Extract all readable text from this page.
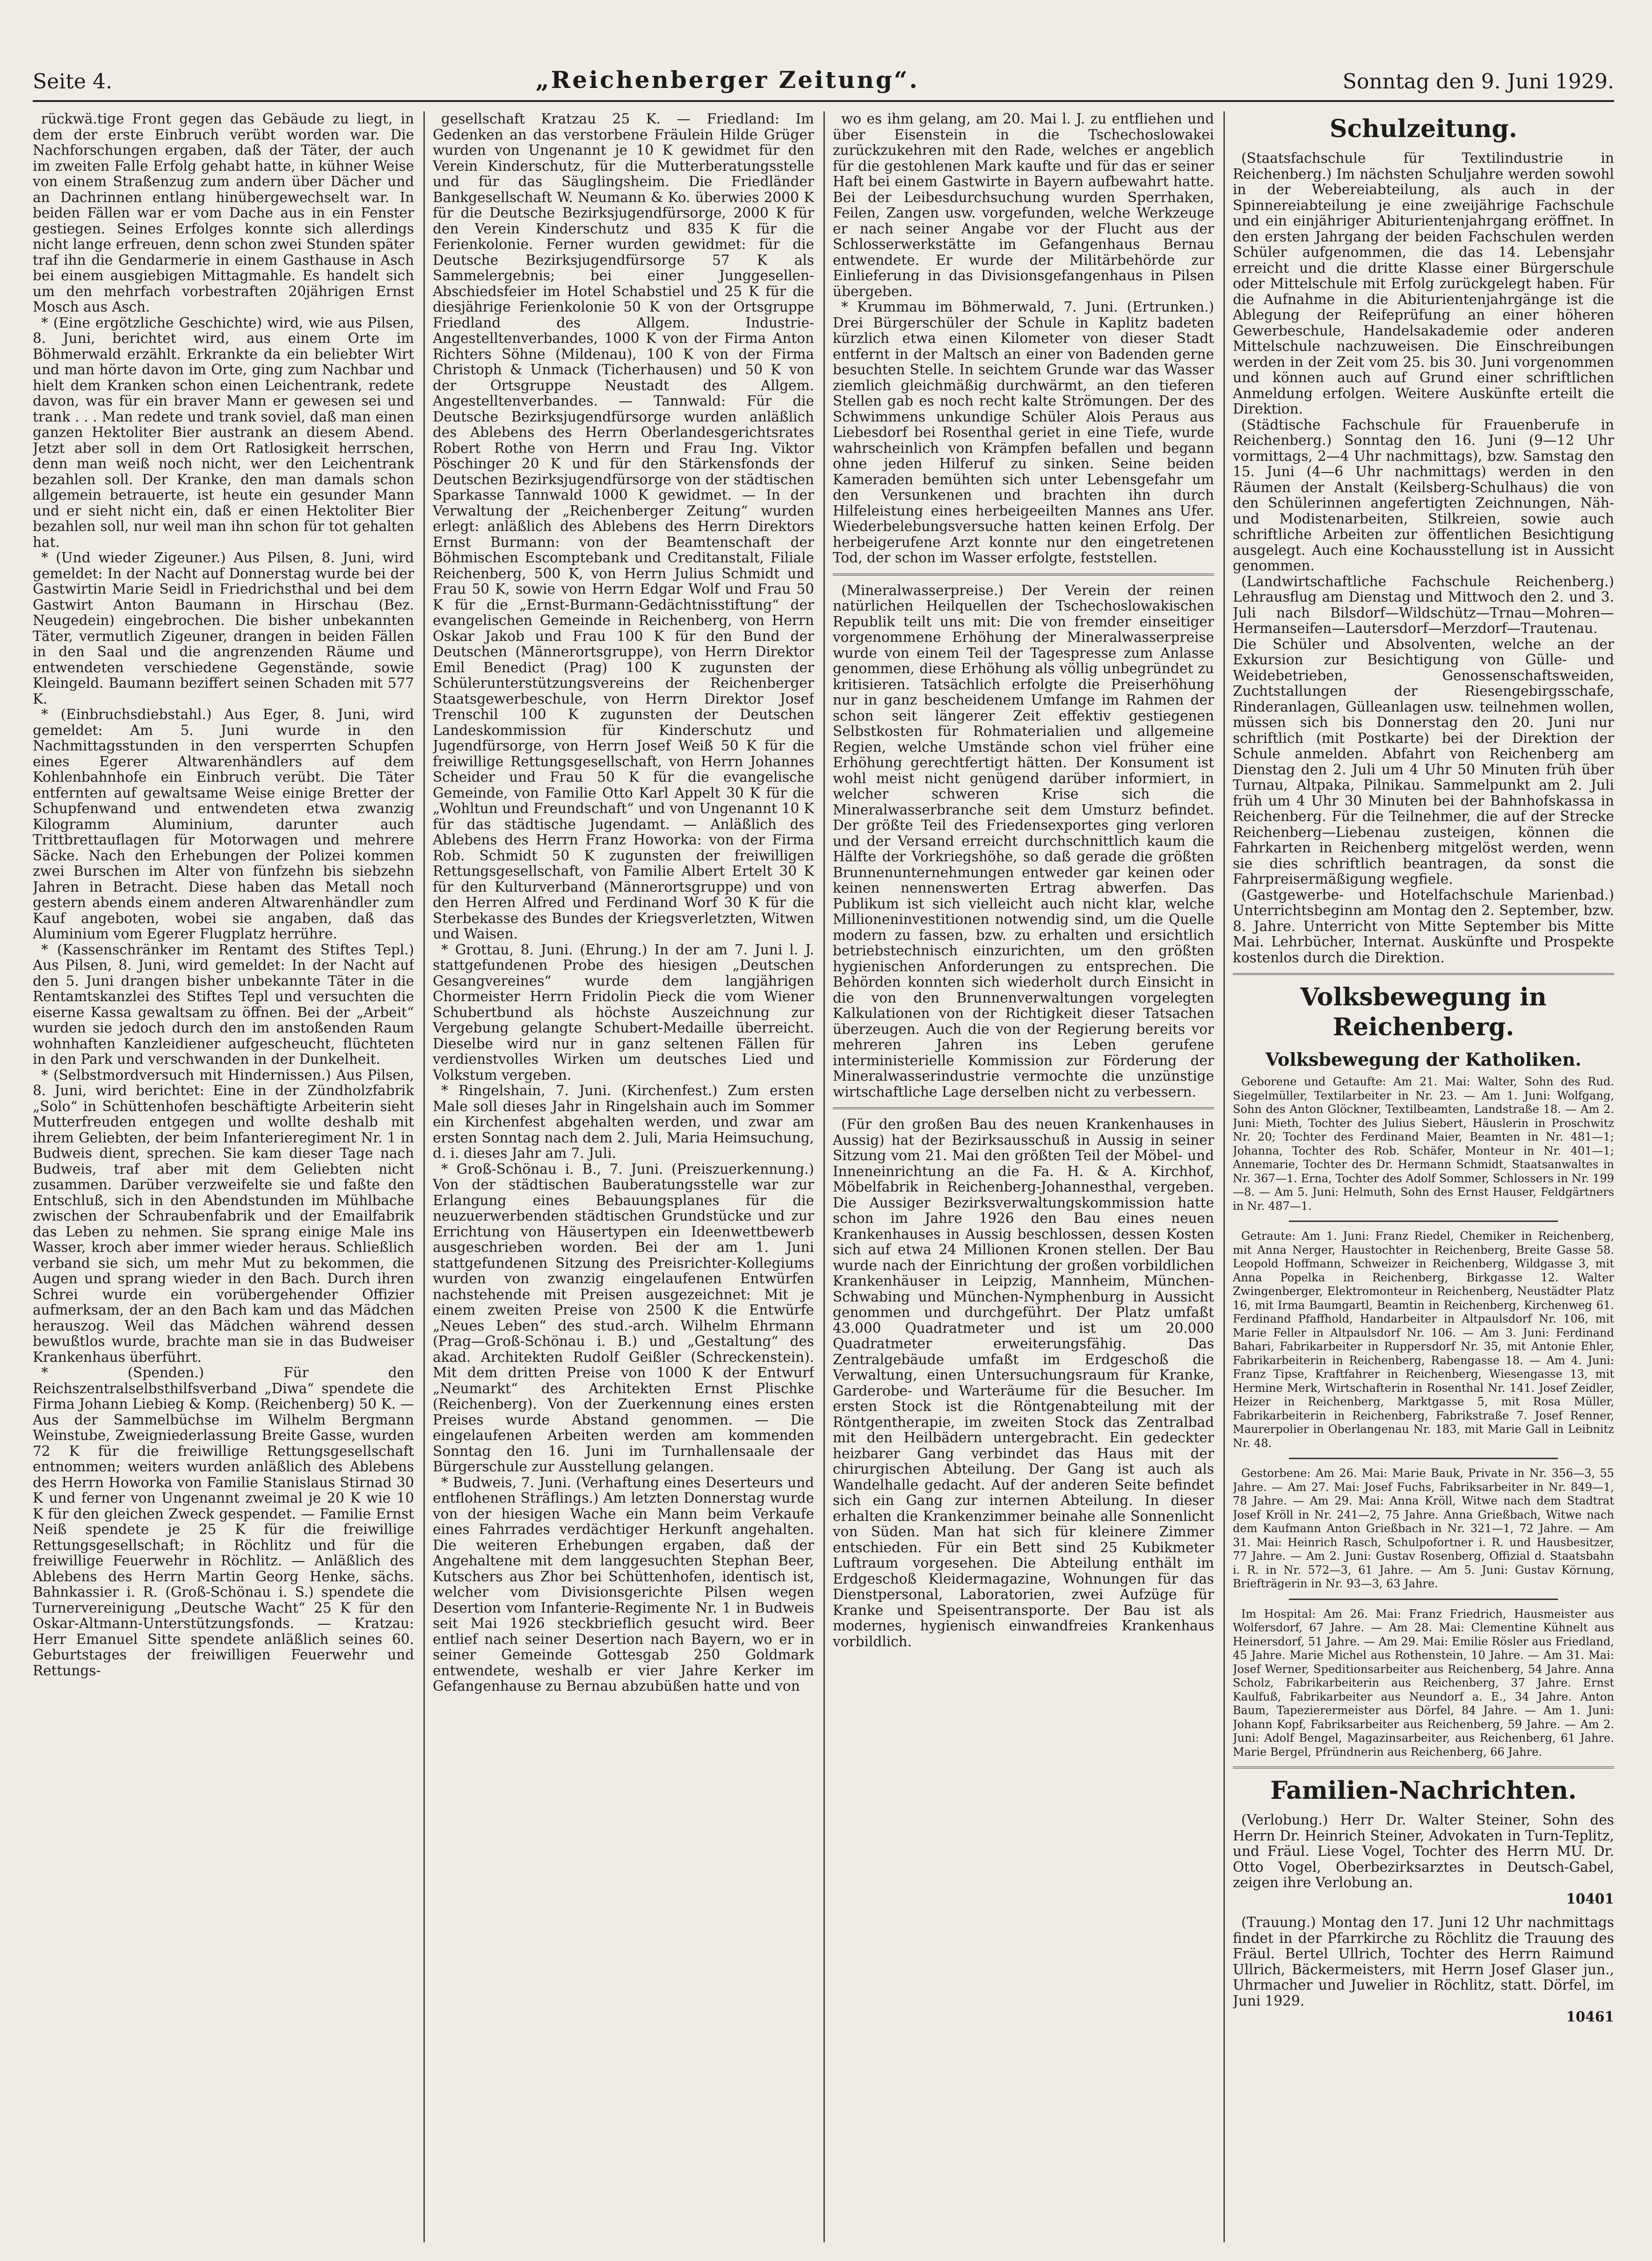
Seite 4.	„Reichenberger Zeitung“.	Sonntag den 9. Juni 1929.

rückwä.tige Front gegen das Gebäude zu liegt, in dem der erste Einbruch verübt worden war. Die Nachforschungen ergaben, daß der Täter, der auch im zweiten Falle Erfolg gehabt hatte, in kühner Weise von einem Straßenzug zum andern über Dächer und an Dachrinnen entlang hinübergewechselt war. In beiden Fällen war er vom Dache aus in ein Fenster gestiegen. Seines Erfolges konnte sich allerdings nicht lange erfreuen, denn schon zwei Stunden später traf ihn die Gendarmerie in einem Gasthause in Asch bei einem ausgiebigen Mittagmahle. Es handelt sich um den mehrfach vorbestraften 20jährigen Ernst Mosch aus Asch.

* (Eine ergötzliche Geschichte) wird, wie aus Pilsen, 8. Juni, berichtet wird, aus einem Orte im Böhmerwald erzählt. Erkrankte da ein beliebter Wirt und man hörte davon im Orte, ging zum Nachbar und hielt dem Kranken schon einen Leichentrank, redete davon, was für ein braver Mann er gewesen sei und trank . . . Man redete und trank soviel, daß man einen ganzen Hektoliter Bier austrank an diesem Abend. Jetzt aber soll in dem Ort Ratlosigkeit herrschen, denn man weiß noch nicht, wer den Leichentrank bezahlen soll. Der Kranke, den man damals schon allgemein betrauerte, ist heute ein gesunder Mann und er sieht nicht ein, daß er einen Hektoliter Bier bezahlen soll, nur weil man ihn schon für tot gehalten hat.

* (Und wieder Zigeuner.) Aus Pilsen, 8. Juni, wird gemeldet: In der Nacht auf Donnerstag wurde bei der Gastwirtin Marie Seidl in Friedrichsthal und bei dem Gastwirt Anton Baumann in Hirschau (Bez. Neugedein) eingebrochen. Die bisher unbekannten Täter, vermutlich Zigeuner, drangen in beiden Fällen in den Saal und die angrenzenden Räume und entwendeten verschiedene Gegenstände, sowie Kleingeld. Baumann beziffert seinen Schaden mit 577 K.

* (Einbruchsdiebstahl.) Aus Eger, 8. Juni, wird gemeldet: Am 5. Juni wurde in den Nachmittagsstunden in den versperrten Schupfen eines Egerer Altwarenhändlers auf dem Kohlenbahnhofe ein Einbruch verübt. Die Täter entfernten auf gewaltsame Weise einige Bretter der Schupfenwand und entwendeten etwa zwanzig Kilogramm Aluminium, darunter auch Trittbrettauflagen für Motorwagen und mehrere Säcke. Nach den Erhebungen der Polizei kommen zwei Burschen im Alter von fünfzehn bis siebzehn Jahren in Betracht. Diese haben das Metall noch gestern abends einem anderen Altwarenhändler zum Kauf angeboten, wobei sie angaben, daß das Aluminium vom Egerer Flugplatz herrühre.

* (Kassenschränker im Rentamt des Stiftes Tepl.) Aus Pilsen, 8. Juni, wird gemeldet: In der Nacht auf den 5. Juni drangen bisher unbekannte Täter in die Rentamtskanzlei des Stiftes Tepl und versuchten die eiserne Kassa gewaltsam zu öffnen. Bei der „Arbeit“ wurden sie jedoch durch den im anstoßenden Raum wohnhaften Kanzleidiener aufgescheucht, flüchteten in den Park und verschwanden in der Dunkelheit.

* (Selbstmordversuch mit Hindernissen.) Aus Pilsen, 8. Juni, wird berichtet: Eine in der Zündholzfabrik „Solo“ in Schüttenhofen beschäftigte Arbeiterin sieht Mutterfreuden entgegen und wollte deshalb mit ihrem Geliebten, der beim Infanterieregiment Nr. 1 in Budweis dient, sprechen. Sie kam dieser Tage nach Budweis, traf aber mit dem Geliebten nicht zusammen. Darüber verzweifelte sie und faßte den Entschluß, sich in den Abendstunden im Mühlbache zwischen der Schraubenfabrik und der Emailfabrik das Leben zu nehmen. Sie sprang einige Male ins Wasser, kroch aber immer wieder heraus. Schließlich verband sie sich, um mehr Mut zu bekommen, die Augen und sprang wieder in den Bach. Durch ihren Schrei wurde ein vorübergehender Offizier aufmerksam, der an den Bach kam und das Mädchen herauszog. Weil das Mädchen während dessen bewußtlos wurde, brachte man sie in das Budweiser Krankenhaus überführt.

* (Spenden.) Für den Reichszentralselbsthilfsverband „Diwa“ spendete die Firma Johann Liebieg & Komp. (Reichenberg) 50 K. — Aus der Sammelbüchse im Wilhelm Bergmann Weinstube, Zweigniederlassung Breite Gasse, wurden 72 K für die freiwillige Rettungsgesellschaft entnommen; weiters wurden anläßlich des Ablebens des Herrn Howorka von Familie Stanislaus Stirnad 30 K und ferner von Ungenannt zweimal je 20 K wie 10 K für den gleichen Zweck gespendet. — Familie Ernst Neiß spendete je 25 K für die freiwillige Rettungsgesellschaft; in Röchlitz und für die freiwillige Feuerwehr in Röchlitz. — Anläßlich des Ablebens des Herrn Martin Georg Henke, sächs. Bahnkassier i. R. (Groß-Schönau i. S.) spendete die Turnervereinigung „Deutsche Wacht“ 25 K für den Oskar-Altmann-Unterstützungsfonds. — Kratzau: Herr Emanuel Sitte spendete anläßlich seines 60. Geburtstages der freiwilligen Feuerwehr und Rettungs-

gesellschaft Kratzau 25 K. — Friedland: Im Gedenken an das verstorbene Fräulein Hilde Grüger wurden von Ungenannt je 10 K gewidmet für den Verein Kinderschutz, für die Mutterberatungsstelle und für das Säuglingsheim. Die Friedländer Bankgesellschaft W. Neumann & Ko. überwies 2000 K für die Deutsche Bezirksjugendfürsorge, 2000 K für den Verein Kinderschutz und 835 K für die Ferienkolonie. Ferner wurden gewidmet: für die Deutsche Bezirksjugendfürsorge 57 K als Sammelergebnis; bei einer Junggesellen-Abschiedsfeier im Hotel Schabstiel und 25 K für die diesjährige Ferienkolonie 50 K von der Ortsgruppe Friedland des Allgem. Industrie-Angestelltenverbandes, 1000 K von der Firma Anton Richters Söhne (Mildenau), 100 K von der Firma Christoph & Unmack (Ticherhausen) und 50 K von der Ortsgruppe Neustadt des Allgem. Angestelltenverbandes. — Tannwald: Für die Deutsche Bezirksjugendfürsorge wurden anläßlich des Ablebens des Herrn Oberlandesgerichtsrates Robert Rothe von Herrn und Frau Ing. Viktor Pöschinger 20 K und für den Stärkensfonds der Deutschen Bezirksjugendfürsorge von der städtischen Sparkasse Tannwald 1000 K gewidmet. — In der Verwaltung der „Reichenberger Zeitung“ wurden erlegt: anläßlich des Ablebens des Herrn Direktors Ernst Burmann: von der Beamtenschaft der Böhmischen Escomptebank und Creditanstalt, Filiale Reichenberg, 500 K, von Herrn Julius Schmidt und Frau 50 K, sowie von Herrn Edgar Wolf und Frau 50 K für die „Ernst-Burmann-Gedächtnisstiftung“ der evangelischen Gemeinde in Reichenberg, von Herrn Oskar Jakob und Frau 100 K für den Bund der Deutschen (Männerortsgruppe), von Herrn Direktor Emil Benedict (Prag) 100 K zugunsten der Schülerunterstützungsvereins der Reichenberger Staatsgewerbeschule, von Herrn Direktor Josef Trenschil 100 K zugunsten der Deutschen Landeskommission für Kinderschutz und Jugendfürsorge, von Herrn Josef Weiß 50 K für die freiwillige Rettungsgesellschaft, von Herrn Johannes Scheider und Frau 50 K für die evangelische Gemeinde, von Familie Otto Karl Appelt 30 K für die „Wohltun und Freundschaft“ und von Ungenannt 10 K für das städtische Jugendamt. — Anläßlich des Ablebens des Herrn Franz Howorka: von der Firma Rob. Schmidt 50 K zugunsten der freiwilligen Rettungsgesellschaft, von Familie Albert Ertelt 30 K für den Kulturverband (Männerortsgruppe) und von den Herren Alfred und Ferdinand Worf 30 K für die Sterbekasse des Bundes der Kriegsverletzten, Witwen und Waisen.

* Grottau, 8. Juni. (Ehrung.) In der am 7. Juni l. J. stattgefundenen Probe des hiesigen „Deutschen Gesangvereines“ wurde dem langjährigen Chormeister Herrn Fridolin Pieck die vom Wiener Schubertbund als höchste Auszeichnung zur Vergebung gelangte Schubert-Medaille überreicht. Dieselbe wird nur in ganz seltenen Fällen für verdienstvolles Wirken um deutsches Lied und Volkstum vergeben.

* Ringelshain, 7. Juni. (Kirchenfest.) Zum ersten Male soll dieses Jahr in Ringelshain auch im Sommer ein Kirchenfest abgehalten werden, und zwar am ersten Sonntag nach dem 2. Juli, Maria Heimsuchung, d. i. dieses Jahr am 7. Juli.

* Groß-Schönau i. B., 7. Juni. (Preiszuerkennung.) Von der städtischen Bauberatungsstelle war zur Erlangung eines Bebauungsplanes für die neuzuerwerbenden städtischen Grundstücke und zur Errichtung von Häusertypen ein Ideenwettbewerb ausgeschrieben worden. Bei der am 1. Juni stattgefundenen Sitzung des Preisrichter-Kollegiums wurden von zwanzig eingelaufenen Entwürfen nachstehende mit Preisen ausgezeichnet: Mit je einem zweiten Preise von 2500 K die Entwürfe „Neues Leben“ des stud.-arch. Wilhelm Ehrmann (Prag—Groß-Schönau i. B.) und „Gestaltung“ des akad. Architekten Rudolf Geißler (Schreckenstein). Mit dem dritten Preise von 1000 K der Entwurf „Neumarkt“ des Architekten Ernst Plischke (Reichenberg). Von der Zuerkennung eines ersten Preises wurde Abstand genommen. — Die eingelaufenen Arbeiten werden am kommenden Sonntag den 16. Juni im Turnhallensaale der Bürgerschule zur Ausstellung gelangen.

* Budweis, 7. Juni. (Verhaftung eines Deserteurs und entflohenen Sträflings.) Am letzten Donnerstag wurde von der hiesigen Wache ein Mann beim Verkaufe eines Fahrrades verdächtiger Herkunft angehalten. Die weiteren Erhebungen ergaben, daß der Angehaltene mit dem langgesuchten Stephan Beer, Kutschers aus Zhor bei Schüttenhofen, identisch ist, welcher vom Divisionsgerichte Pilsen wegen Desertion vom Infanterie-Regimente Nr. 1 in Budweis seit Mai 1926 steckbrieflich gesucht wird. Beer entlief nach seiner Desertion nach Bayern, wo er in seiner Gemeinde Gottesgab 250 Goldmark entwendete, weshalb er vier Jahre Kerker im Gefangenhause zu Bernau abzubüßen hatte und von

wo es ihm gelang, am 20. Mai l. J. zu entfliehen und über Eisenstein in die Tschechoslowakei zurückzukehren mit den Rade, welches er angeblich für die gestohlenen Mark kaufte und für das er seiner Haft bei einem Gastwirte in Bayern aufbewahrt hatte. Bei der Leibesdurchsuchung wurden Sperrhaken, Feilen, Zangen usw. vorgefunden, welche Werkzeuge er nach seiner Angabe vor der Flucht aus der Schlosserwerkstätte im Gefangenhaus Bernau entwendete. Er wurde der Militärbehörde zur Einlieferung in das Divisionsgefangenhaus in Pilsen übergeben.

* Krummau im Böhmerwald, 7. Juni. (Ertrunken.) Drei Bürgerschüler der Schule in Kaplitz badeten kürzlich etwa einen Kilometer von dieser Stadt entfernt in der Maltsch an einer von Badenden gerne besuchten Stelle. In seichtem Grunde war das Wasser ziemlich gleichmäßig durchwärmt, an den tieferen Stellen gab es noch recht kalte Strömungen. Der des Schwimmens unkundige Schüler Alois Peraus aus Liebesdorf bei Rosenthal geriet in eine Tiefe, wurde wahrscheinlich von Krämpfen befallen und begann ohne jeden Hilferuf zu sinken. Seine beiden Kameraden bemühten sich unter Lebensgefahr um den Versunkenen und brachten ihn durch Hilfeleistung eines herbeigeeilten Mannes ans Ufer. Wiederbelebungsversuche hatten keinen Erfolg. Der herbeigerufene Arzt konnte nur den eingetretenen Tod, der schon im Wasser erfolgte, feststellen.

(Mineralwasserpreise.) Der Verein der reinen natürlichen Heilquellen der Tschechoslowakischen Republik teilt uns mit: Die von fremder einseitiger vorgenommene Erhöhung der Mineralwasserpreise wurde von einem Teil der Tagespresse zum Anlasse genommen, diese Erhöhung als völlig unbegründet zu kritisieren. Tatsächlich erfolgte die Preiserhöhung nur in ganz bescheidenem Umfange im Rahmen der schon seit längerer Zeit effektiv gestiegenen Selbstkosten für Rohmaterialien und allgemeine Regien, welche Umstände schon viel früher eine Erhöhung gerechtfertigt hätten. Der Konsument ist wohl meist nicht genügend darüber informiert, in welcher schweren Krise sich die Mineralwasserbranche seit dem Umsturz befindet. Der größte Teil des Friedensexportes ging verloren und der Versand erreicht durchschnittlich kaum die Hälfte der Vorkriegshöhe, so daß gerade die größten Brunnenunternehmungen entweder gar keinen oder keinen nennenswerten Ertrag abwerfen. Das Publikum ist sich vielleicht auch nicht klar, welche Millioneninvestitionen notwendig sind, um die Quelle modern zu fassen, bzw. zu erhalten und ersichtlich betriebstechnisch einzurichten, um den größten hygienischen Anforderungen zu entsprechen. Die Behörden konnten sich wiederholt durch Einsicht in die von den Brunnenverwaltungen vorgelegten Kalkulationen von der Richtigkeit dieser Tatsachen überzeugen. Auch die von der Regierung bereits vor mehreren Jahren ins Leben gerufene interministerielle Kommission zur Förderung der Mineralwasserindustrie vermochte die unzünstige wirtschaftliche Lage derselben nicht zu verbessern.

(Für den großen Bau des neuen Krankenhauses in Aussig) hat der Bezirksausschuß in Aussig in seiner Sitzung vom 21. Mai den größten Teil der Möbel- und Inneneinrichtung an die Fa. H. & A. Kirchhof, Möbelfabrik in Reichenberg-Johannesthal, vergeben. Die Aussiger Bezirksverwaltungskommission hatte schon im Jahre 1926 den Bau eines neuen Krankenhauses in Aussig beschlossen, dessen Kosten sich auf etwa 24 Millionen Kronen stellen. Der Bau wurde nach der Einrichtung der großen vorbildlichen Krankenhäuser in Leipzig, Mannheim, München-Schwabing und München-Nymphenburg in Aussicht genommen und durchgeführt. Der Platz umfaßt 43.000 Quadratmeter und ist um 20.000 Quadratmeter erweiterungsfähig. Das Zentralgebäude umfaßt im Erdgeschoß die Verwaltung, einen Untersuchungsraum für Kranke, Garderobe- und Warteräume für die Besucher. Im ersten Stock ist die Röntgenabteilung mit der Röntgentherapie, im zweiten Stock das Zentralbad mit den Heilbädern untergebracht. Ein gedeckter heizbarer Gang verbindet das Haus mit der chirurgischen Abteilung. Der Gang ist auch als Wandelhalle gedacht. Auf der anderen Seite befindet sich ein Gang zur internen Abteilung. In dieser erhalten die Krankenzimmer beinahe alle Sonnenlicht von Süden. Man hat sich für kleinere Zimmer entschieden. Für ein Bett sind 25 Kubikmeter Luftraum vorgesehen. Die Abteilung enthält im Erdgeschoß Kleidermagazine, Wohnungen für das Dienstpersonal, Laboratorien, zwei Aufzüge für Kranke und Speisentransporte. Der Bau ist als modernes, hygienisch einwandfreies Krankenhaus vorbildlich.

Schulzeitung.

(Staatsfachschule für Textilindustrie in Reichenberg.) Im nächsten Schuljahre werden sowohl in der Webereiabteilung, als auch in der Spinnereiabteilung je eine zweijährige Fachschule und ein einjähriger Abiturientenjahrgang eröffnet. In den ersten Jahrgang der beiden Fachschulen werden Schüler aufgenommen, die das 14. Lebensjahr erreicht und die dritte Klasse einer Bürgerschule oder Mittelschule mit Erfolg zurückgelegt haben. Für die Aufnahme in die Abiturientenjahrgänge ist die Ablegung der Reifeprüfung an einer höheren Gewerbeschule, Handelsakademie oder anderen Mittelschule nachzuweisen. Die Einschreibungen werden in der Zeit vom 25. bis 30. Juni vorgenommen und können auch auf Grund einer schriftlichen Anmeldung erfolgen. Weitere Auskünfte erteilt die Direktion.

(Städtische Fachschule für Frauenberufe in Reichenberg.) Sonntag den 16. Juni (9—12 Uhr vormittags, 2—4 Uhr nachmittags), bzw. Samstag den 15. Juni (4—6 Uhr nachmittags) werden in den Räumen der Anstalt (Keilsberg-Schulhaus) die von den Schülerinnen angefertigten Zeichnungen, Näh- und Modistenarbeiten, Stilkreien, sowie auch schriftliche Arbeiten zur öffentlichen Besichtigung ausgelegt. Auch eine Kochausstellung ist in Aussicht genommen.

(Landwirtschaftliche Fachschule Reichenberg.) Lehrausflug am Dienstag und Mittwoch den 2. und 3. Juli nach Bilsdorf—Wildschütz—Trnau—Mohren—Hermanseifen—Lautersdorf—Merzdorf—Trautenau. Die Schüler und Absolventen, welche an der Exkursion zur Besichtigung von Gülle- und Weidebetrieben, Genossenschaftsweiden, Zuchtstallungen der Riesengebirgsschafe, Rinderanlagen, Gülleanlagen usw. teilnehmen wollen, müssen sich bis Donnerstag den 20. Juni nur schriftlich (mit Postkarte) bei der Direktion der Schule anmelden. Abfahrt von Reichenberg am Dienstag den 2. Juli um 4 Uhr 50 Minuten früh über Turnau, Altpaka, Pilnikau. Sammelpunkt am 2. Juli früh um 4 Uhr 30 Minuten bei der Bahnhofskassa in Reichenberg. Für die Teilnehmer, die auf der Strecke Reichenberg—Liebenau zusteigen, können die Fahrkarten in Reichenberg mitgelöst werden, wenn sie dies schriftlich beantragen, da sonst die Fahrpreisermäßigung wegfiele.

(Gastgewerbe- und Hotelfachschule Marienbad.) Unterrichtsbeginn am Montag den 2. September, bzw. 8. Jahre. Unterricht von Mitte September bis Mitte Mai. Lehrbücher, Internat. Auskünfte und Prospekte kostenlos durch die Direktion.

Volksbewegung in Reichenberg.
Volksbewegung der Katholiken.

Geborene und Getaufte: Am 21. Mai: Walter, Sohn des Rud. Siegelmüller, Textilarbeiter in Nr. 23. — Am 1. Juni: Wolfgang, Sohn des Anton Glöckner, Textilbeamten, Landstraße 18. — Am 2. Juni: Mieth, Tochter des Julius Siebert, Häuslerin in Proschwitz Nr. 20; Tochter des Ferdinand Maier, Beamten in Nr. 481—1; Johanna, Tochter des Rob. Schäfer, Monteur in Nr. 401—1; Annemarie, Tochter des Dr. Hermann Schmidt, Staatsanwaltes in Nr. 367—1. Erna, Tochter des Adolf Sommer, Schlossers in Nr. 199—8. — Am 5. Juni: Helmuth, Sohn des Ernst Hauser, Feldgärtners in Nr. 487—1.

Getraute: Am 1. Juni: Franz Riedel, Chemiker in Reichenberg, mit Anna Nerger, Haustochter in Reichenberg, Breite Gasse 58. Leopold Hoffmann, Schweizer in Reichenberg, Wildgasse 3, mit Anna Popelka in Reichenberg, Birkgasse 12. Walter Zwingenberger, Elektromonteur in Reichenberg, Neustädter Platz 16, mit Irma Baumgartl, Beamtin in Reichenberg, Kirchenweg 61. Ferdinand Pfaffhold, Handarbeiter in Altpaulsdorf Nr. 106, mit Marie Feller in Altpaulsdorf Nr. 106. — Am 3. Juni: Ferdinand Bahari, Fabrikarbeiter in Ruppersdorf Nr. 35, mit Antonie Ehler, Fabrikarbeiterin in Reichenberg, Rabengasse 18. — Am 4. Juni: Franz Tipse, Kraftfahrer in Reichenberg, Wiesengasse 13, mit Hermine Merk, Wirtschafterin in Rosenthal Nr. 141. Josef Zeidler, Heizer in Reichenberg, Marktgasse 5, mit Rosa Müller, Fabrikarbeiterin in Reichenberg, Fabrikstraße 7. Josef Renner, Maurerpolier in Oberlangenau Nr. 183, mit Marie Gall in Leibnitz Nr. 48.

Gestorbene: Am 26. Mai: Marie Bauk, Private in Nr. 356—3, 55 Jahre. — Am 27. Mai: Josef Fuchs, Fabriksarbeiter in Nr. 849—1, 78 Jahre. — Am 29. Mai: Anna Kröll, Witwe nach dem Stadtrat Josef Kröll in Nr. 241—2, 75 Jahre. Anna Grießbach, Witwe nach dem Kaufmann Anton Grießbach in Nr. 321—1, 72 Jahre. — Am 31. Mai: Heinrich Rasch, Schulpofortner i. R. und Hausbesitzer, 77 Jahre. — Am 2. Juni: Gustav Rosenberg, Offizial d. Staatsbahn i. R. in Nr. 572—3, 61 Jahre. — Am 5. Juni: Gustav Körnung, Briefträgerin in Nr. 93—3, 63 Jahre.

Im Hospital: Am 26. Mai: Franz Friedrich, Hausmeister aus Wolfersdorf, 67 Jahre. — Am 28. Mai: Clementine Kühnelt aus Heinersdorf, 51 Jahre. — Am 29. Mai: Emilie Rösler aus Friedland, 45 Jahre. Marie Michel aus Rothenstein, 10 Jahre. — Am 31. Mai: Josef Werner, Speditionsarbeiter aus Reichenberg, 54 Jahre. Anna Scholz, Fabrikarbeiterin aus Reichenberg, 37 Jahre. Ernst Kaulfuß, Fabrikarbeiter aus Neundorf a. E., 34 Jahre. Anton Baum, Tapezierermeister aus Dörfel, 84 Jahre. — Am 1. Juni: Johann Kopf, Fabriksarbeiter aus Reichenberg, 59 Jahre. — Am 2. Juni: Adolf Bengel, Magazinsarbeiter, aus Reichenberg, 61 Jahre. Marie Bergel, Pfründnerin aus Reichenberg, 66 Jahre.

Familien-Nachrichten.

(Verlobung.) Herr Dr. Walter Steiner, Sohn des Herrn Dr. Heinrich Steiner, Advokaten in Turn-Teplitz, und Fräul. Liese Vogel, Tochter des Herrn MU. Dr. Otto Vogel, Oberbezirksarztes in Deutsch-Gabel, zeigen ihre Verlobung an.

10401

(Trauung.) Montag den 17. Juni 12 Uhr nachmittags findet in der Pfarrkirche zu Röchlitz die Trauung des Fräul. Bertel Ullrich, Tochter des Herrn Raimund Ullrich, Bäckermeisters, mit Herrn Josef Glaser jun., Uhrmacher und Juwelier in Röchlitz, statt. Dörfel, im Juni 1929.

10461
